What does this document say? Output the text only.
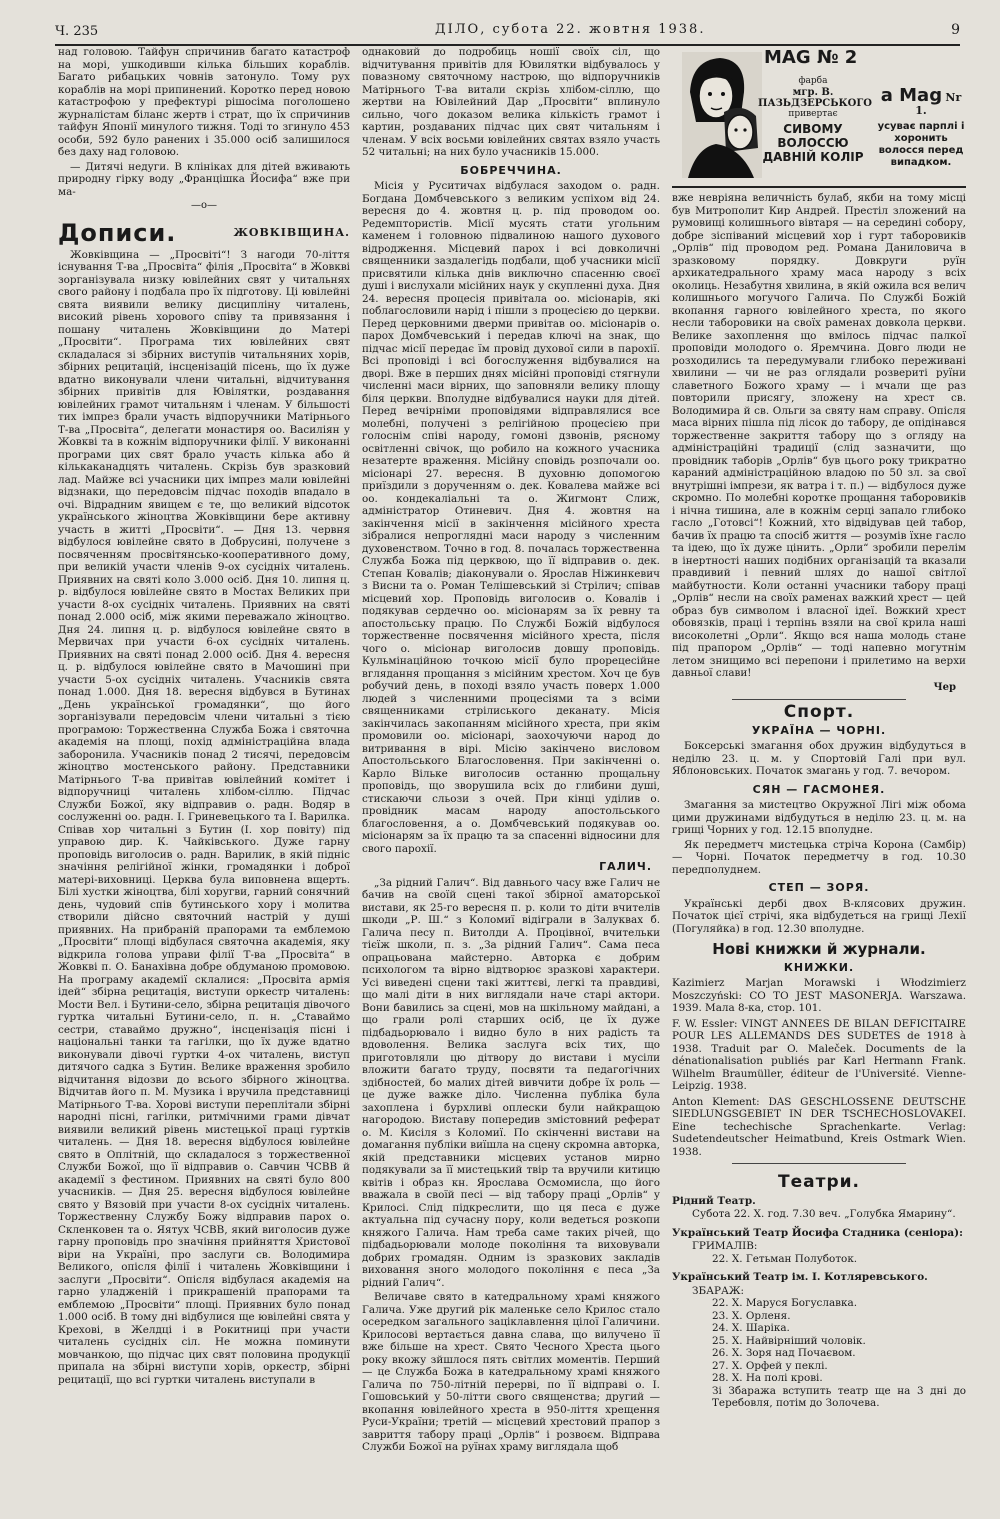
Ч. 235	ДІЛО, субота 22. жовтня 1938.	9

над головою. Тайфун спричинив багато катастроф на морі, ушкодивши кілька більших кораблів. Багато рибацьких човнів затонуло. Тому рух кораблів на морі припинений. Коротко перед новою катастрофою у префектурі рішосіма поголошено журналістам біланс жертв і страт, що їх спричинив тайфун Японії минулого тижня. Тоді то згинуло 453 особи, 592 було ранених і 35.000 осіб залишилося без даху над головою.

— Дитячі недуги. В клініках для дітей вживають природну гірку воду „Францішка Йосифа“ вже при ма-

—о—
Дописи.	ЖОВКІВЩИНА.

Жовківщина — „Просвіті“! З нагоди 70-ліття існування Т-ва „Просвіта“ філія „Просвіта“ в Жовкві зорганізувала низку ювілейних свят у читальнях свого району і подбала про їх підготову. Ці ювілейні свята виявили велику дисципліну читалень, високий рівень хорового співу та привязання і пошану читалень Жовківщини до Матері „Просвіти“. Програма тих ювілейних свят складалася зі збірних виступів читальняних хорів, збірних рецитацій, інсценізацій пісень, що їх дуже вдатно виконували члени читальні, відчитування збірних привітів для Ювілятки, роздавання ювілейних грамот читальням і членам. У більшості тих імпрез брали участь відпоручники Матірнього Т-ва „Просвіта“, делегати монастиря оо. Василіян у Жовкві та в кожнім відпоручники філії. У виконанні програми цих свят брало участь кілька або й кількаканадцять читалень. Скрізь був зразковий лад. Майже всі учасники цих імпрез мали ювілейні відзнаки, що передовсім підчас походів впадало в очі. Відрадним явищем є те, що великий відсоток українського жіноцтва Жовківщини бере активну участь в житті „Просвіти“. — Дня 13. червня відбулося ювілейне свято в Добрусині, получене з посвяченням просвітянсько-кооперативного дому, при великій участи членів 9-ох сусідніх читалень. Приявних на святі коло 3.000 осіб. Дня 10. липня ц. р. відбулося ювілейне свято в Мостах Великих при участи 8-ох сусідніх читалень. Приявних на святі понад 2.000 осіб, між якими переважало жіноцтво. Дня 24. липня ц. р. відбулося ювілейне свято в Мервичах при участи 6-ох сусідніх читалень. Приявних на святі понад 2.000 осіб. Дня 4. вересня ц. р. відбулося ювілейне свято в Мачошині при участи 5-ох сусідніх читалень. Учасників свята понад 1.000. Дня 18. вересня відбувся в Бутинах „День української громадянки“, що його зорганізували передовсім члени читальні з тією програмою: Торжественна Служба Божа і святочна академія на площі, похід адміністраційна влада заборонила. Учасників понад 2 тисячі, передовсім жіноцтво мостенського району. Представники Матірнього Т-ва привітав ювілейний комітет і відпоручниці читалень хлібом-сіллю. Підчас Служби Божої, яку відправив о. радн. Водяр в сослуженні оо. радн. І. Гриневецького та І. Варилка. Співав хор читальні з Бутин (І. хор повіту) під управою дир. К. Чайківського. Дуже гарну проповідь виголосив о. радн. Варилик, в якій підніс значіння релігійної жінки, громадянки і доброї матері-виховниці. Церква була виповнена вщерть. Білі хустки жіноцтва, білі хоругви, гарний сонячний день, чудовий спів бутинського хору і молитва створили дійсно святочний настрій у душі приявних. На прибраній прапорами та емблемою „Просвіти“ площі відбулася святочна академія, яку відкрила голова управи філії Т-ва „Просвіта“ в Жовкві п. О. Банахівна добре обдуманою промовою. На програму академії склалися: „Просвіта армія ідей“ збірна рецитація, виступи оркестр читалень: Мости Вел. і Бутини-село, збірна рецитація дівочого гуртка читальні Бутини-село, п. н. „Ставаймо сестри, ставаймо дружно“, інсценізація пісні і національні танки та гагілки, що їх дуже вдатно виконували дівочі гуртки 4-ох читалень, виступ дитячого садка з Бутин. Велике враження зробило відчитання відозви до всього збірного жіноцтва. Відчитав його п. М. Музика і вручила представниці Матірнього Т-ва. Хорові виступи переплітали збірні народні пісні, гагілки, ритмічними грами дівчат виявили великий рівень мистецької праці гуртків читалень. — Дня 18. вересня відбулося ювілейне свято в Оплітній, що складалося з торжественної Служби Божої, що її відправив о. Савчин ЧСВВ й академії з фестином. Приявних на святі було 800 учасників. — Дня 25. вересня відбулося ювілейне свято у Вязовій при участи 8-ох сусідніх читалень. Торжественну Службу Божу відправив парох о. Скленковен та о. Яятух ЧСВВ, який виголосив дуже гарну проповідь про значіння прийняття Христової віри на Україні, про заслуги св. Володимира Великого, опісля філії і читалень Жовківщини і заслуги „Просвіти“. Опісля відбулася академія на гарно уладженій і прикрашеній прапорами та емблемою „Просвіти“ площі. Приявних було понад 1.000 осіб. В тому дні відбулися ще ювілейні свята у Крехові, в Желдці і в Рокитниці при участи читалень сусідніх сіл. Не можна поминути мовчанкою, що підчас цих свят половина продукції припала на збірні виступи хорів, оркестр, збірні рецитації, що всі гуртки читалень виступали в

однаковий до подробиць ношії своїх сіл, що відчитування привітів для Ювилятки відбувалось у повазному святочному настрою, що відпоручників Матірнього Т-ва витали скрізь хлібом-сіллю, що жертви на Ювілейний Дар „Просвіти“ вплинуло сильно, чого доказом велика кількість грамот і картин, роздаваних підчас цих свят читальням і членам. У всіх восьми ювілейних святах взяло участь 52 читальні; на них було учасників 15.000.

БОБРЕЧЧИНА.

Місія у Руситичах відбулася заходом о. радн. Богдана Домбчевського з великим успіхом від 24. вересня до 4. жовтня ц. р. під проводом оо. Редемптористів. Місії мусять стати угольним каменем і головною підвалиною нашого духового відродження. Місцевий парох і всі довколичні священники заздалегідь подбали, щоб учасники місії присвятили кілька днів виключно спасенню своєї душі і вислухали місійних наук у скупленні духа. Дня 24. вересня процесія привітала оо. місіонарів, які поблагословили нарід і пішли з процесією до церкви. Перед церковними дверми привітав оо. місіонарів о. парох Домбчевський і передав ключі на знак, що підчас місії передає їм провід духової сили в парохії. Всі проповіді і всі богослуження відбувалися на дворі. Вже в перших днях місійні проповіді стягнули численні маси вірних, що заповняли велику площу біля церкви. Вполудне відбувалися науки для дітей. Перед вечірніми проповідями відправлялися все молебні, получені з релігійною процесією при голоснім співі народу, гомоні дзвонів, рясному освітленні свічок, що робило на кожного учасника незатерте враження. Місійну сповідь розпочали оо. місіонарі 27. вересня. В духовню допомогою приїздили з дорученням о. дек. Ковалева майже всі оо. кондекаліальні та о. Жигмонт Слиж, адміністратор Отиневич. Дня 4. жовтня на закінчення місії в закінчення місійного хреста зібралися непроглядні маси народу з численним духовенством. Точно в год. 8. почалась торжественна Служба Божа під церквою, що її відправив о. дек. Степан Ковалів; діаконували о. Ярослав Ніжинкевич з Висни та о. Роман Телішевський зі Стрілич; співав місцевий хор. Проповідь виголосив о. Ковалів і подякував сердечно оо. місіонарям за їх ревну та апостольську працю. По Службі Божій відбулося торжественне посвячення місійного хреста, після чого о. місіонар виголосив довшу проповідь. Кульмінаційною точкою місії було прорецесійне вглядання прощання з місійним хрестом. Хоч це був робучий день, в поході взяло участь поверх 1.000 людей з численними процесіями та з всіми священниками стрілиського деканату. Місія закінчилась закопанням місійного хреста, при якім промовили оо. місіонарі, заохочуючи народ до витривання в вірі. Місію закінчено висловом Апостольського Благословення. При закінченні о. Карло Вільке виголосив останню прощальну проповідь, що зворушила всіх до глибини душі, стискаючи сльози з очей. При кінці уділив о. провідник масам народу апостольського благословення, а о. Домбчевський подякував оо. місіонарям за їх працю та за спасенні відносини для свого парохії.

ГАЛИЧ.

„За рідний Галич“. Від давнього часу вже Галич не бачив на своїй сцені такої збірної аматорської вистави, як 25-го вересня п. р. коли то діти вчителів шкоди „Р. Ш.“ з Коломиї відіграли в Залуквах б. Галича песу п. Витолди А. Процівної, вчительки тієїж школи, п. з. „За рідний Галич“. Сама песа опрацьована майстерно. Авторка є добрим психологом та вірно відтворює зразкові характери. Усі виведені сцени такі життєві, легкі та правдиві, що малі діти в них виглядали наче старі актори. Вони бавились за сцені, мов на шкільному майдані, а що грали ролі старших осіб, це їх дуже підбадьорювало і видно було в них радість та вдоволення. Велика заслуга всіх тих, що приготовляли цю дітвору до вистави і мусіли вложити багато труду, посвяти та педагогічних здібностей, бо малих дітей вивчити добре їх роль — це дуже важке діло. Численна публіка була захоплена і бурхливі оплески були найкращою нагородою. Виставу попередив змістовний реферат о. М. Кисіля з Коломиї. По скінченні вистави на домагання публіки виїшла на сцену скромна авторка, якій представники місцевих установ мирно подякували за її мистецький твір та вручили китицю квітів і образ кн. Ярослава Осмомисла, що його вважала в своїй песі — від табору праці „Орлів“ у Крилосі. Слід підкреслити, що ця песа є дуже актуальна під сучасну пору, коли ведеться розкопи княжого Галича. Нам треба саме таких річей, що підбадьорювали молоде покоління та виховували добрих громадян. Одним із зразкових закладів виховання зного молодого покоління є песа „За рідний Галич“.

Величаве свято в катедральному храмі княжого Галича. Уже другий рік маленьке село Крилос стало осередком загального заціклавлення цілої Галичини. Крилосові вертається давна слава, що вилучено її вже більше на хрест. Свято Чесного Хреста цього року вкожу зйшлося пять світлих моментів. Перший — це Служба Божа в катедральному храмі княжого Галича по 750-літній перерві, по її відправі о. І. Гошовський у 50-літти свого священства; другий — вкопання ювілейного хреста в 950-ліття хрещення Руси-України; третій — місцевий хрестовий прапор з завриття табору праці „Орлів“ і розвоєм. Відправа Служби Божої на руїнах храму виглядала щоб

MAG № 2
фарба
мгр. В. ПАЗЬДЗЕРСЬКОГО
привертає
СИВОМУ ВОЛОССЮ ДАВНІЙ КОЛІР
a Mag Nr 1.
усуває парплі і хоронить волосся перед випадком.

вже невріяна величність булаб, якби на тому місці був Митрополит Кир Андрей. Престіл зложений на румовищі колишнього вівтаря — на середині собору, добре зіспіваний місцевий хор і гурт таборовиків „Орлів“ під проводом ред. Романа Даниловича в зразковому порядку. Довкруги руїн архикатедрального храму маса народу з всіх околиць. Незабутня хвилина, в якій ожила вся велич колишнього могучого Галича. По Службі Божій вкопання гарного ювілейного хреста, по якого несли таборовики на своїх раменах довкола церкви. Велике захоплення що вмілось підчас палкої проповіди молодого о. Яремчина. Довго люди не розходились та передумували глибоко переживані хвилини — чи не раз оглядали розвериті руїни славетного Божого храму — і мчали ще раз повторили присягу, зложену на хрест св. Володимира й св. Ольги за святу нам справу. Опісля маса вірних пішла під лісок до табору, де опідінався торжественне закриття табору що з огляду на адміністраційні традиції (слід зазначити, що провідник таборів „Орлів“ був цього року трикратно караний адміністраційною владою по 50 зл. за свої внутрішні імпрези, як ватра і т. п.) — відбулося дуже скромно. По молебні коротке прощання таборовиків і нічна тишина, але в кожнім серці запало глибоко гасло „Готовсі“! Кожний, хто відвідував цей табор, бачив їх працю та спосіб життя — розумів їхне гасло та ідею, що їх дуже цінить. „Орли“ зробили перелім в інертності наших подібних організацій та вказали правдивий і певний шлях до нашої світлої майбутности. Коли останні учасники табору праці „Орлів“ несли на своїх раменах важкий хрест — цей образ був символом і власної ідеї. Вожкий хрест обовязків, праці і терпінь взяли на свої крила наші високолетні „Орли“. Якщо вся наша молодь стане під прапором „Орлів“ — тоді напевно могутнім летом знищимо всі перепони і прилетимо на верхи давньої слави!

Чер
Спорт.
УКРАЇНА — ЧОРНІ.

Боксерські змагання обох дружин відбудуться в неділю 23. ц. м. у Спортовій Галі при вул. Яблоновських. Початок змагань у год. 7. вечором.

СЯН — ГАСМОНЕЯ.

Змагання за мистецтво Окружної Лігі між обома цими дружинами відбудуться в неділю 23. ц. м. на грищі Чорних у год. 12.15 вполудне.

Як передметч мистецька стріча Корона (Самбір) — Чорні. Початок передметчу в год. 10.30 передполуднем.

СТЕП — ЗОРЯ.

Українські дербі двох В-клясових дружин. Початок цієї стрічі, яка відбудеться на грищі Лехії (Погуляйка) в год. 12.30 вполудне.

Нові книжки й журнали.
КНИЖКИ.

Kazimierz Marjan Morawski i Włodzimierz Moszczyński: CO TO JEST MASONERJA. Warszawa. 1939. Мала 8-ка, стор. 101.

F. W. Essler: VINGT ANNEES DE BILAN DEFICITAIRE POUR LES ALLEMANDS DES SUDETES de 1918 à 1938. Traduit par O. Maleček. Documents de la dénationalisation publiés par Karl Hermann Frank. Wilhelm Braumüller, éditeur de l'Université. Vienne-Leipzig. 1938.

Anton Klement: DAS GESCHLOSSENE DEUTSCHE SIEDLUNGSGEBIET IN DER TSCHECHOSLOVAKEI. Eine techechische Sprachenkarte. Verlag: Sudetendeutscher Heimatbund, Kreis Ostmark Wien. 1938.

Театри.
Рідний Театр.
Субота 22. X. год. 7.30 веч. „Голубка Ямарину“.
Український Театр Йосифа Стадника (сеніора):
ГРИМАЛІВ:
22. X. Гетьман Полуботок.
Український Театр ім. І. Котляревського.
ЗБАРАЖ:
22. X. Маруся Богуславка.
23. X. Орленя.
24. X. Шаріка.
25. X. Найвірніший чоловік.
26. X. Зоря над Почаєвом.
27. X. Орфей у пеклі.
28. X. На полі крові.
Зі Збаража вступить театр ще на 3 дні до Теребовля, потім до Золочева.
